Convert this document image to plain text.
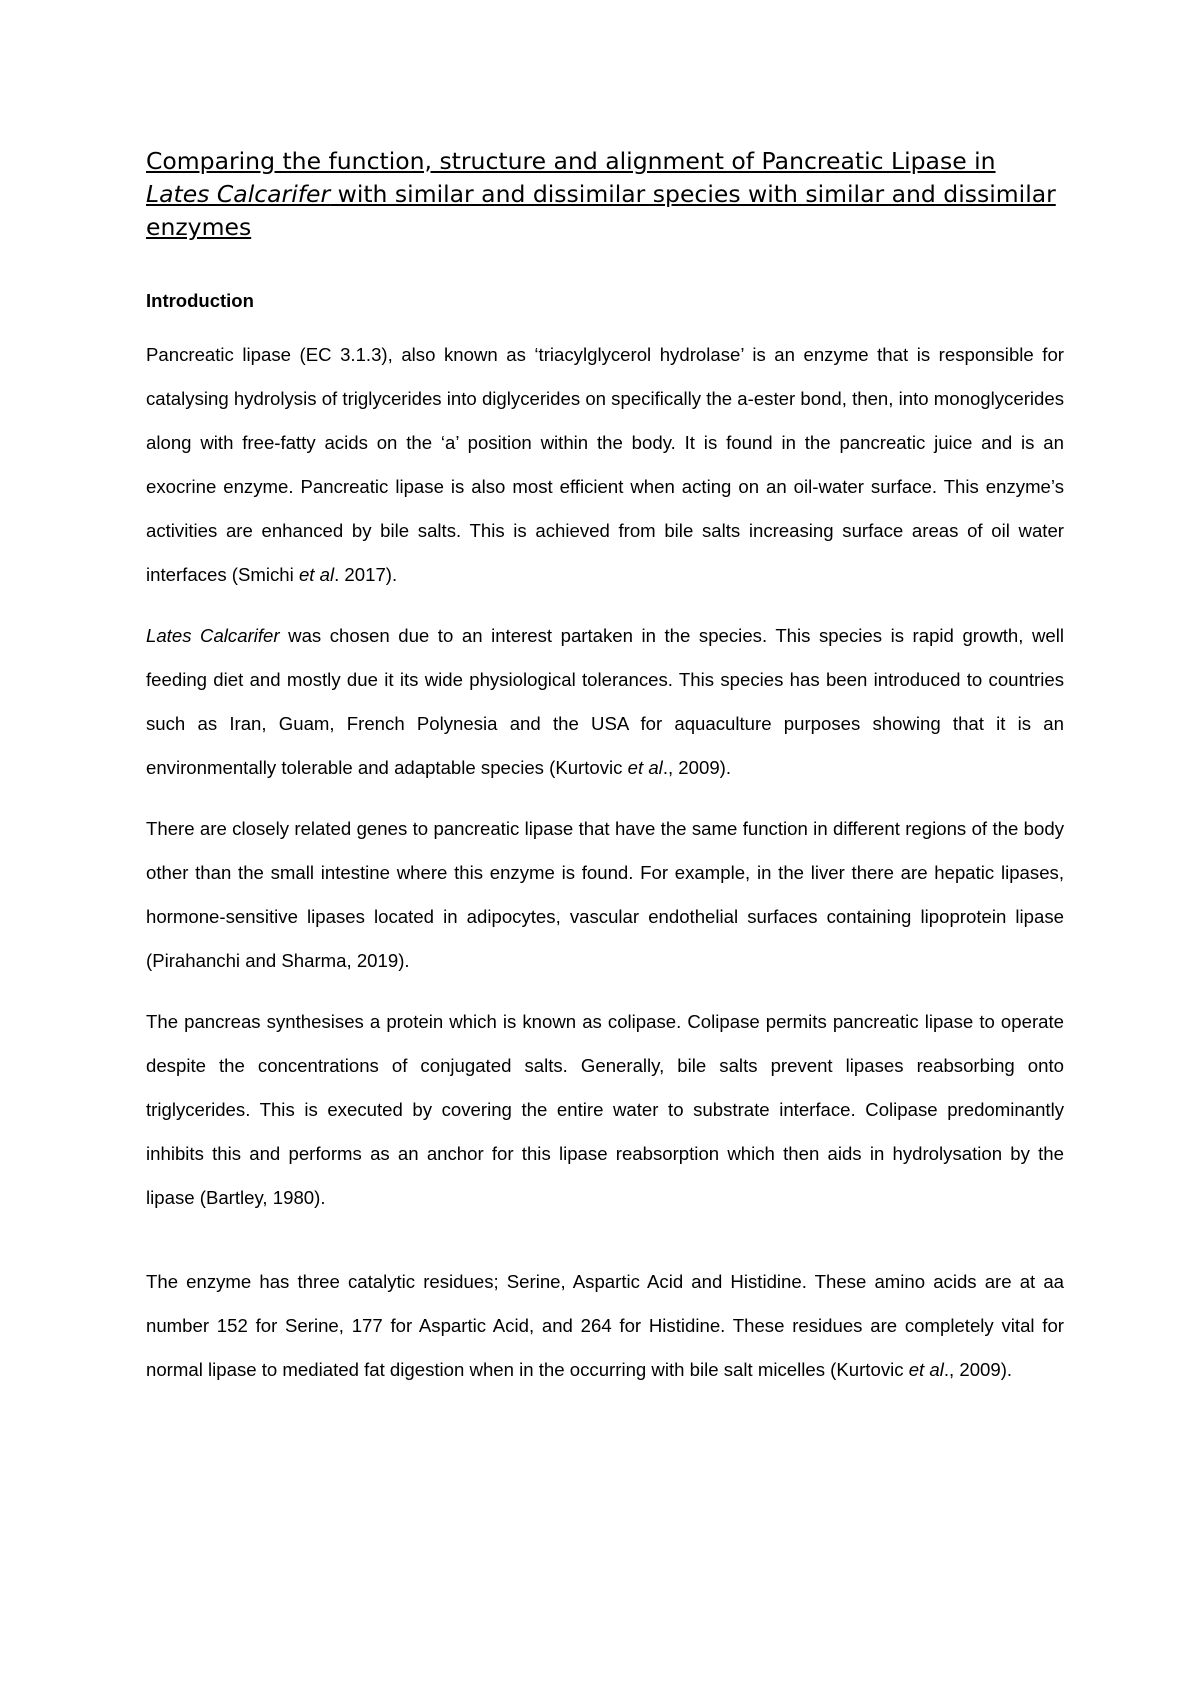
Comparing the function, structure and alignment of Pancreatic Lipase in Lates Calcarifer with similar and dissimilar species with similar and dissimilar enzymes
Introduction

Pancreatic lipase (EC 3.1.3), also known as ‘triacylglycerol hydrolase’ is an enzyme that is responsible for catalysing hydrolysis of triglycerides into diglycerides on specifically the a-ester bond, then, into monoglycerides along with free-fatty acids on the ‘a’ position within the body. It is found in the pancreatic juice and is an exocrine enzyme. Pancreatic lipase is also most efficient when acting on an oil-water surface. This enzyme’s activities are enhanced by bile salts. This is achieved from bile salts increasing surface areas of oil water interfaces (Smichi et al. 2017).

Lates Calcarifer was chosen due to an interest partaken in the species. This species is rapid growth, well feeding diet and mostly due it its wide physiological tolerances. This species has been introduced to countries such as Iran, Guam, French Polynesia and the USA for aquaculture purposes showing that it is an environmentally tolerable and adaptable species (Kurtovic et al., 2009).

There are closely related genes to pancreatic lipase that have the same function in different regions of the body other than the small intestine where this enzyme is found. For example, in the liver there are hepatic lipases, hormone-sensitive lipases located in adipocytes, vascular endothelial surfaces containing lipoprotein lipase (Pirahanchi and Sharma, 2019).

The pancreas synthesises a protein which is known as colipase. Colipase permits pancreatic lipase to operate despite the concentrations of conjugated salts. Generally, bile salts prevent lipases reabsorbing onto triglycerides. This is executed by covering the entire water to substrate interface. Colipase predominantly inhibits this and performs as an anchor for this lipase reabsorption which then aids in hydrolysation by the lipase (Bartley, 1980).

The enzyme has three catalytic residues; Serine, Aspartic Acid and Histidine. These amino acids are at aa number 152 for Serine, 177 for Aspartic Acid, and 264 for Histidine. These residues are completely vital for normal lipase to mediated fat digestion when in the occurring with bile salt micelles (Kurtovic et al., 2009).
